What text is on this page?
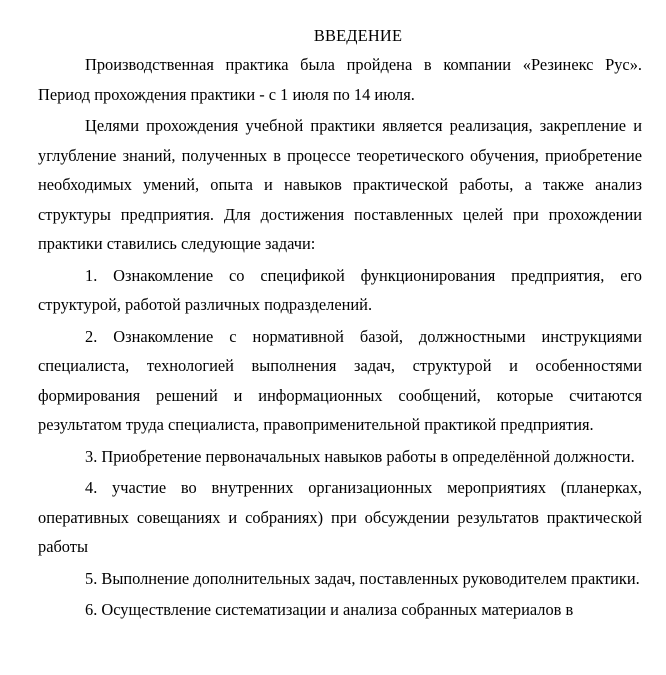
ВВЕДЕНИЕ

Производственная практика была пройдена в компании «Резинекс Рус». Период прохождения практики - с 1 июля по 14 июля.

Целями прохождения учебной практики является реализация, закрепление и углубление знаний, полученных в процессе теоретического обучения, приобретение необходимых умений, опыта и навыков практической работы, а также анализ структуры предприятия. Для достижения поставленных целей при прохождении практики ставились следующие задачи:

1. Ознакомление со спецификой функционирования предприятия, его структурой, работой различных подразделений.

2. Ознакомление с нормативной базой, должностными инструкциями специалиста, технологией выполнения задач, структурой и особенностями формирования решений и информационных сообщений, которые считаются результатом труда специалиста, правоприменительной практикой предприятия.

3. Приобретение первоначальных навыков работы в определённой должности.

4. участие во внутренних организационных мероприятиях (планерках, оперативных совещаниях и собраниях) при обсуждении результатов практической работы

5. Выполнение дополнительных задач, поставленных руководителем практики.

6. Осуществление систематизации и анализа собранных материалов в
